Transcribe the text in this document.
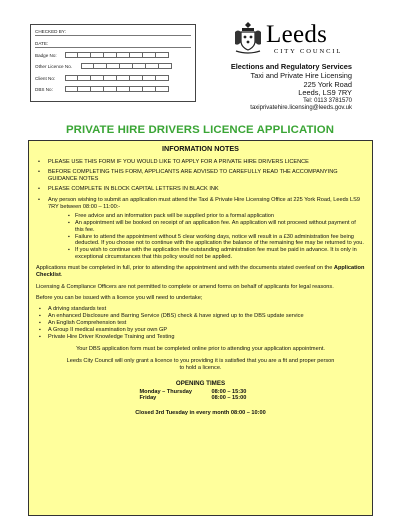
CHECKED BY:
DATE:
Badge No:
Other Licence No.
Client No:
DBS No:
Leeds
CITY COUNCIL
Elections and Regulatory Services
Taxi and Private Hire Licensing
225 York Road
Leeds, LS9 7RY
Tel: 0113 3781570
taxiprivatehire.licensing@leeds.gov.uk
PRIVATE HIRE DRIVERS LICENCE APPLICATION
INFORMATION NOTES
• PLEASE USE THIS FORM IF YOU WOULD LIKE TO APPLY FOR A PRIVATE HIRE DRIVERS LICENCE
• BEFORE COMPLETING THIS FORM, APPLICANTS ARE ADVISED TO CAREFULLY READ THE ACCOMPANYING GUIDANCE NOTES
• PLEASE COMPLETE IN BLOCK CAPITAL LETTERS IN BLACK INK
• Any person wishing to submit an application must attend the Taxi & Private Hire Licensing Office at 225 York Road, Leeds LS9 7RY between 08:00 – 11:00:-
▪ Free advice and an information pack will be supplied prior to a formal application
▪ An appointment will be booked on receipt of an application fee. An application will not proceed without payment of this fee.
▪ Failure to attend the appointment without 5 clear working days, notice will result in a £30 administration fee being deducted. If you choose not to continue with the application the balance of the remaining fee may be returned to you.
▪ If you wish to continue with the application the outstanding administration fee must be paid in advance. It is only in exceptional circumstances that this policy would not be applied.

Applications must be completed in full, prior to attending the appointment and with the documents stated overleaf on the Application Checklist.

Licensing & Compliance Officers are not permitted to complete or amend forms on behalf of applicants for legal reasons.

Before you can be issued with a licence you will need to undertake;

▪ A driving standards test
▪ An enhanced Disclosure and Barring Service (DBS) check & have signed up to the DBS update service
▪ An English Comprehension test
▪ A Group II medical examination by your own GP
▪ Private Hire Driver Knowledge Training and Testing

Your DBS application form must be completed online prior to attending your application appointment.

Leeds City Council will only grant a licence to you providing it is satisfied that you are a fit and proper person to hold a licence.

OPENING TIMES
Monday – Thursday	08:00 – 15:30
Friday	08:00 – 15:00
Closed 3rd Tuesday in every month 08:00 – 10:00
